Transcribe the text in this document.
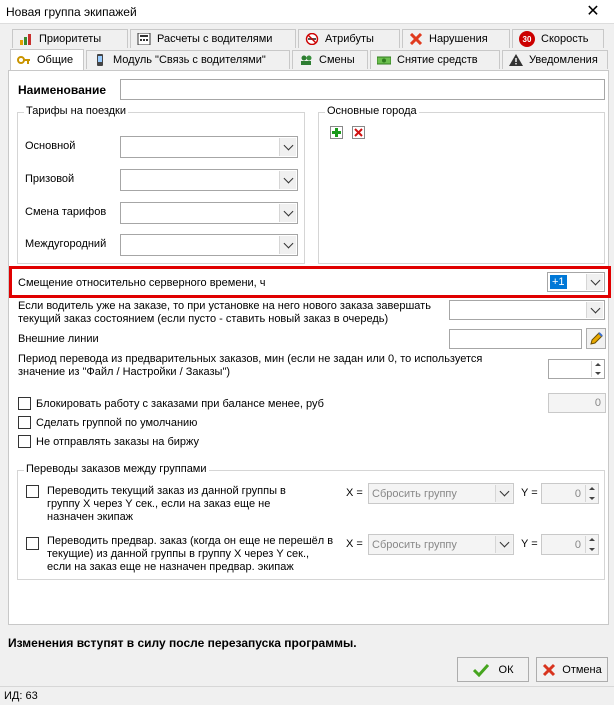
Новая группа экипажей	✕
Приоритеты	Расчеты с водителями	Атрибуты	Нарушения	30 Скорость
Общие	Модуль "Связь с водителями"	Смены	Снятие средств	Уведомления
Наименование
Тарифы на поездки
Основной
Призовой
Смена тарифов
Междугородний
Основные города
Смещение относительно серверного времени, ч	+1
Если водитель уже на заказе, то при установке на него нового заказа завершать
текущий заказ состоянием (если пусто - ставить новый заказ в очередь)
Внешние линии
Период перевода из предварительных заказов, мин (если не задан или 0, то используется
значение из "Файл / Настройки / Заказы")
Блокировать работу с заказами при балансе менее, руб	0
Сделать группой по умолчанию
Не отправлять заказы на биржу
Переводы заказов между группами
Переводить текущий заказ из данной группы в
группу X через Y сек., если на заказ еще не
назначен экипаж
X = Сбросить группу	Y =	0
Переводить предвар. заказ (когда он еще не перешёл в
текущие) из данной группы в группу X через Y сек.,
если на заказ еще не назначен предвар. экипаж
X = Сбросить группу	Y =	0
Изменения вступят в силу после перезапуска программы.
ОК	Отмена
ИД: 63
